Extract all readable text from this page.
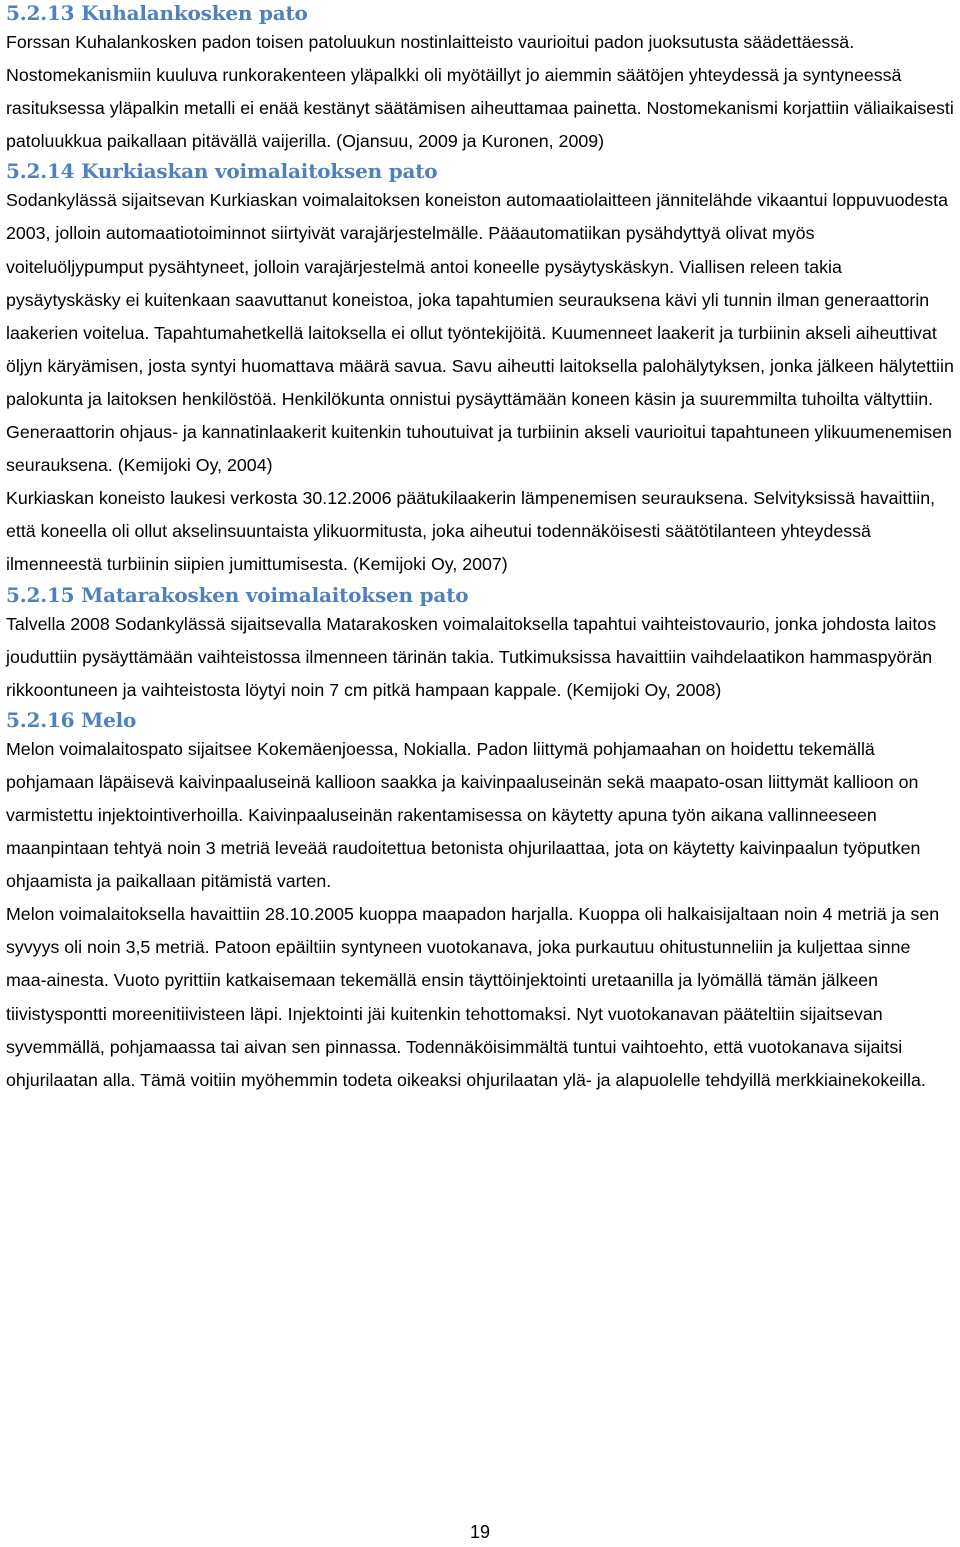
5.2.13 Kuhalankosken pato

Forssan Kuhalankosken padon toisen patoluukun nostinlaitteisto vaurioitui padon juoksutusta säädettäessä. Nostomekanismiin kuuluva runkorakenteen yläpalkki oli myötäillyt jo aiemmin säätöjen yhteydessä ja syntyneessä rasituksessa yläpalkin metalli ei enää kestänyt säätämisen aiheuttamaa painetta. Nostomekanismi korjattiin väliaikaisesti patoluukkua paikallaan pitävällä vaijerilla. (Ojansuu, 2009 ja Kuronen, 2009)

5.2.14 Kurkiaskan voimalaitoksen pato

Sodankylässä sijaitsevan Kurkiaskan voimalaitoksen koneiston automaatiolaitteen jännitelähde vikaantui loppuvuodesta 2003, jolloin automaatiotoiminnot siirtyivät varajärjestelmälle. Pääautomatiikan pysähdyttyä olivat myös voiteluöljypumput pysähtyneet, jolloin varajärjestelmä antoi koneelle pysäytyskäskyn. Viallisen releen takia pysäytyskäsky ei kuitenkaan saavuttanut koneistoa, joka tapahtumien seurauksena kävi yli tunnin ilman generaattorin laakerien voitelua. Tapahtumahetkellä laitoksella ei ollut työntekijöitä. Kuumenneet laakerit ja turbiinin akseli aiheuttivat öljyn käryämisen, josta syntyi huomattava määrä savua. Savu aiheutti laitoksella palohälytyksen, jonka jälkeen hälytettiin palokunta ja laitoksen henkilöstöä. Henkilökunta onnistui pysäyttämään koneen käsin ja suuremmilta tuhoilta vältyttiin. Generaattorin ohjaus- ja kannatinlaakerit kuitenkin tuhoutuivat ja turbiinin akseli vaurioitui tapahtuneen ylikuumenemisen seurauksena. (Kemijoki Oy, 2004)

Kurkiaskan koneisto laukesi verkosta 30.12.2006 päätukilaakerin lämpenemisen seurauksena. Selvityksissä havaittiin, että koneella oli ollut akselinsuuntaista ylikuormitusta, joka aiheutui todennäköisesti säätötilanteen yhteydessä ilmenneestä turbiinin siipien jumittumisesta. (Kemijoki Oy, 2007)

5.2.15 Matarakosken voimalaitoksen pato

Talvella 2008 Sodankylässä sijaitsevalla Matarakosken voimalaitoksella tapahtui vaihteistovaurio, jonka johdosta laitos jouduttiin pysäyttämään vaihteistossa ilmenneen tärinän takia. Tutkimuksissa havaittiin vaihdelaatikon hammaspyörän rikkoontuneen ja vaihteistosta löytyi noin 7 cm pitkä hampaan kappale. (Kemijoki Oy, 2008)

5.2.16 Melo

Melon voimalaitospato sijaitsee Kokemäenjoessa, Nokialla. Padon liittymä pohjamaahan on hoidettu tekemällä pohjamaan läpäisevä kaivinpaaluseinä kallioon saakka ja kaivinpaaluseinän sekä maapato-osan liittymät kallioon on varmistettu injektointiverhoilla. Kaivinpaaluseinän rakentamisessa on käytetty apuna työn aikana vallinneeseen maanpintaan tehtyä noin 3 metriä leveää raudoitettua betonista ohjurilaattaa, jota on käytetty kaivinpaalun työputken ohjaamista ja paikallaan pitämistä varten.

Melon voimalaitoksella havaittiin 28.10.2005 kuoppa maapadon harjalla. Kuoppa oli halkaisijaltaan noin 4 metriä ja sen syvyys oli noin 3,5 metriä. Patoon epäiltiin syntyneen vuotokanava, joka purkautuu ohitustunneliin ja kuljettaa sinne maa-ainesta. Vuoto pyrittiin katkaisemaan tekemällä ensin täyttöinjektointi uretaanilla ja lyömällä tämän jälkeen tiivistyspontti moreenitiivisteen läpi. Injektointi jäi kuitenkin tehottomaksi. Nyt vuotokanavan pääteltiin sijaitsevan syvemmällä, pohjamaassa tai aivan sen pinnassa. Todennäköisimmältä tuntui vaihtoehto, että vuotokanava sijaitsi ohjurilaatan alla. Tämä voitiin myöhemmin todeta oikeaksi ohjurilaatan ylä- ja alapuolelle tehdyillä merkkiainekokeilla.

19
